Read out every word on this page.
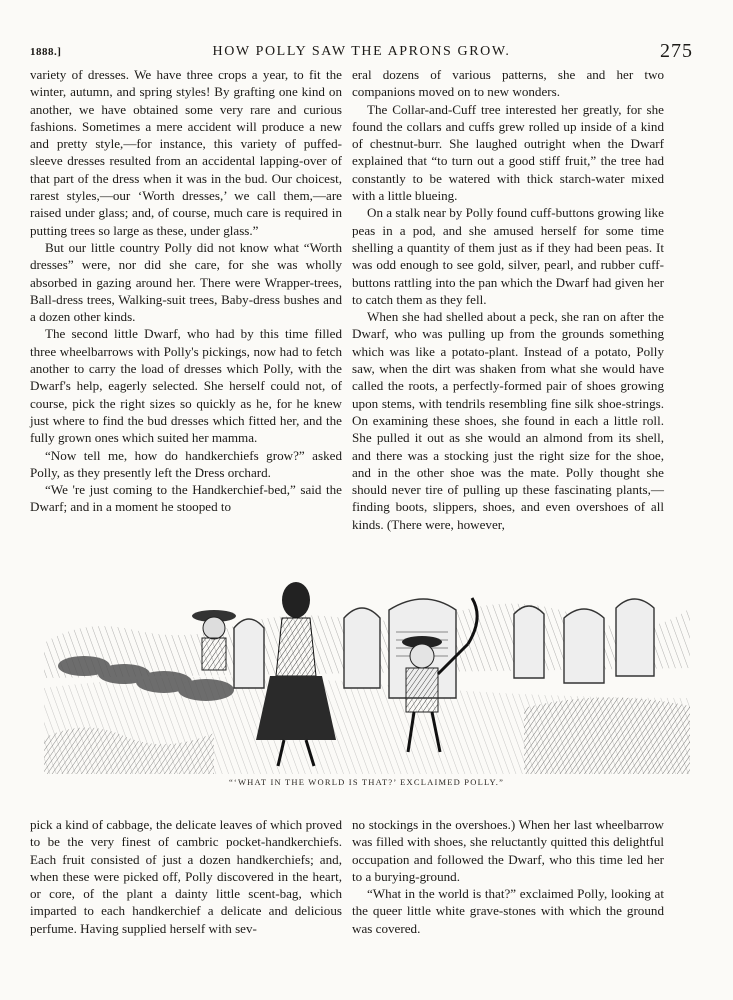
1888.]	HOW POLLY SAW THE APRONS GROW.	275

variety of dresses. We have three crops a year, to fit the winter, autumn, and spring styles! By grafting one kind on another, we have obtained some very rare and curious fashions. Sometimes a mere accident will produce a new and pretty style,—for instance, this variety of puffed-sleeve dresses resulted from an accidental lapping-over of that part of the dress when it was in the bud. Our choicest, rarest styles,—our ‘Worth dresses,’ we call them,—are raised under glass; and, of course, much care is required in putting trees so large as these, under glass.”

But our little country Polly did not know what “Worth dresses” were, nor did she care, for she was wholly absorbed in gazing around her. There were Wrapper-trees, Ball-dress trees, Walking-suit trees, Baby-dress bushes and a dozen other kinds.

The second little Dwarf, who had by this time filled three wheelbarrows with Polly's pickings, now had to fetch another to carry the load of dresses which Polly, with the Dwarf's help, eagerly selected. She herself could not, of course, pick the right sizes so quickly as he, for he knew just where to find the bud dresses which fitted her, and the fully grown ones which suited her mamma.

“Now tell me, how do handkerchiefs grow?” asked Polly, as they presently left the Dress orchard.

“We 're just coming to the Handkerchief-bed,” said the Dwarf; and in a moment he stooped to

eral dozens of various patterns, she and her two companions moved on to new wonders.

The Collar-and-Cuff tree interested her greatly, for she found the collars and cuffs grew rolled up inside of a kind of chestnut-burr. She laughed outright when the Dwarf explained that “to turn out a good stiff fruit,” the tree had constantly to be watered with thick starch-water mixed with a little blueing.

On a stalk near by Polly found cuff-buttons growing like peas in a pod, and she amused herself for some time shelling a quantity of them just as if they had been peas. It was odd enough to see gold, silver, pearl, and rubber cuff-buttons rattling into the pan which the Dwarf had given her to catch them as they fell.

When she had shelled about a peck, she ran on after the Dwarf, who was pulling up from the grounds something which was like a potato-plant. Instead of a potato, Polly saw, when the dirt was shaken from what she would have called the roots, a perfectly-formed pair of shoes growing upon stems, with tendrils resembling fine silk shoe-strings. On examining these shoes, she found in each a little roll. She pulled it out as she would an almond from its shell, and there was a stocking just the right size for the shoe, and in the other shoe was the mate. Polly thought she should never tire of pulling up these fascinating plants,—finding boots, slippers, shoes, and even overshoes of all kinds. (There were, however,

“‘WHAT IN THE WORLD IS THAT?’ EXCLAIMED POLLY.”

pick a kind of cabbage, the delicate leaves of which proved to be the very finest of cambric pocket-handkerchiefs. Each fruit consisted of just a dozen handkerchiefs; and, when these were picked off, Polly discovered in the heart, or core, of the plant a dainty little scent-bag, which imparted to each handkerchief a delicate and delicious perfume. Having supplied herself with sev-

no stockings in the overshoes.) When her last wheelbarrow was filled with shoes, she reluctantly quitted this delightful occupation and followed the Dwarf, who this time led her to a burying-ground.

“What in the world is that?” exclaimed Polly, looking at the queer little white grave-stones with which the ground was covered.
